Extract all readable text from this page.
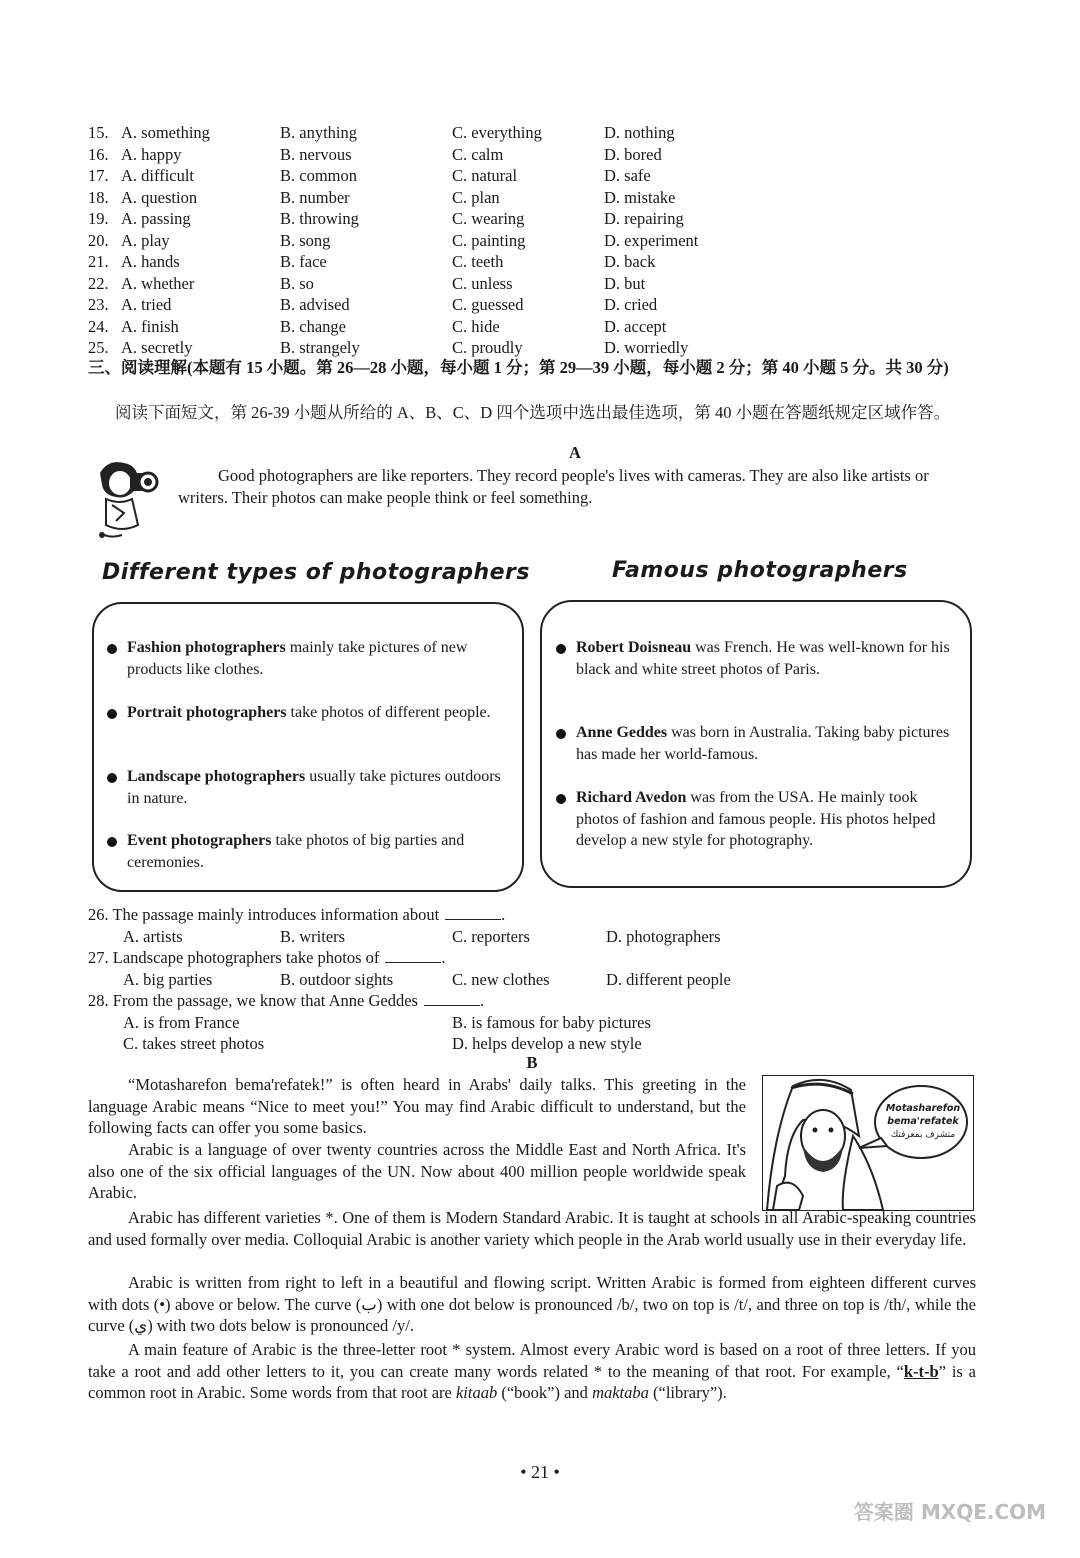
15. A. something	B. anything	C. everything	D. nothing
16. A. happy	B. nervous	C. calm	D. bored
17. A. difficult	B. common	C. natural	D. safe
18. A. question	B. number	C. plan	D. mistake
19. A. passing	B. throwing	C. wearing	D. repairing
20. A. play	B. song	C. painting	D. experiment
21. A. hands	B. face	C. teeth	D. back
22. A. whether	B. so	C. unless	D. but
23. A. tried	B. advised	C. guessed	D. cried
24. A. finish	B. change	C. hide	D. accept
25. A. secretly	B. strangely	C. proudly	D. worriedly
三、阅读理解(本题有 15 小题。第 26—28 小题，每小题 1 分；第 29—39 小题，每小题 2 分；第 40 小题 5 分。共 30 分)
阅读下面短文，第 26-39 小题从所给的 A、B、C、D 四个选项中选出最佳选项，第 40 小题在答题纸规定区域作答。
A
Good photographers are like reporters. They record people's lives with cameras. They are also like artists or writers. Their photos can make people think or feel something.
Different types of photographers	Famous photographers
Fashion photographers mainly take pictures of new products like clothes.
Portrait photographers take photos of different people.
Landscape photographers usually take pictures outdoors in nature.
Event photographers take photos of big parties and ceremonies.
Robert Doisneau was French. He was well-known for his black and white street photos of Paris.
Anne Geddes was born in Australia. Taking baby pictures has made her world-famous.
Richard Avedon was from the USA. He mainly took photos of fashion and famous people. His photos helped develop a new style for photography.
26. The passage mainly introduces information about	.
A. artists	B. writers	C. reporters	D. photographers
27. Landscape photographers take photos of	.
A. big parties	B. outdoor sights	C. new clothes	D. different people
28. From the passage, we know that Anne Geddes	.
A. is from France	B. is famous for baby pictures
C. takes street photos	D. helps develop a new style
B
Motasharefon bema'refatek
متشرف بمعرفتك
“Motasharefon bema'refatek!” is often heard in Arabs' daily talks. This greeting in the language Arabic means “Nice to meet you!” You may find Arabic difficult to understand, but the following facts can offer you some basics.
Arabic is a language of over twenty countries across the Middle East and North Africa. It's also one of the six official languages of the UN. Now about 400 million people worldwide speak Arabic.
Arabic has different varieties *. One of them is Modern Standard Arabic. It is taught at schools in all Arabic-speaking countries and used formally over media. Colloquial Arabic is another variety which people in the Arab world usually use in their everyday life.
Arabic is written from right to left in a beautiful and flowing script. Written Arabic is formed from eighteen different curves with dots (•) above or below. The curve (ب) with one dot below is pronounced /b/, two on top is /t/, and three on top is /th/, while the curve (ي) with two dots below is pronounced /y/.
A main feature of Arabic is the three-letter root * system. Almost every Arabic word is based on a root of three letters. If you take a root and add other letters to it, you can create many words related * to the meaning of that root. For example, “k-t-b” is a common root in Arabic. Some words from that root are kitaab (“book”) and maktaba (“library”).
• 21 •
答案圈 MXQE.COM
